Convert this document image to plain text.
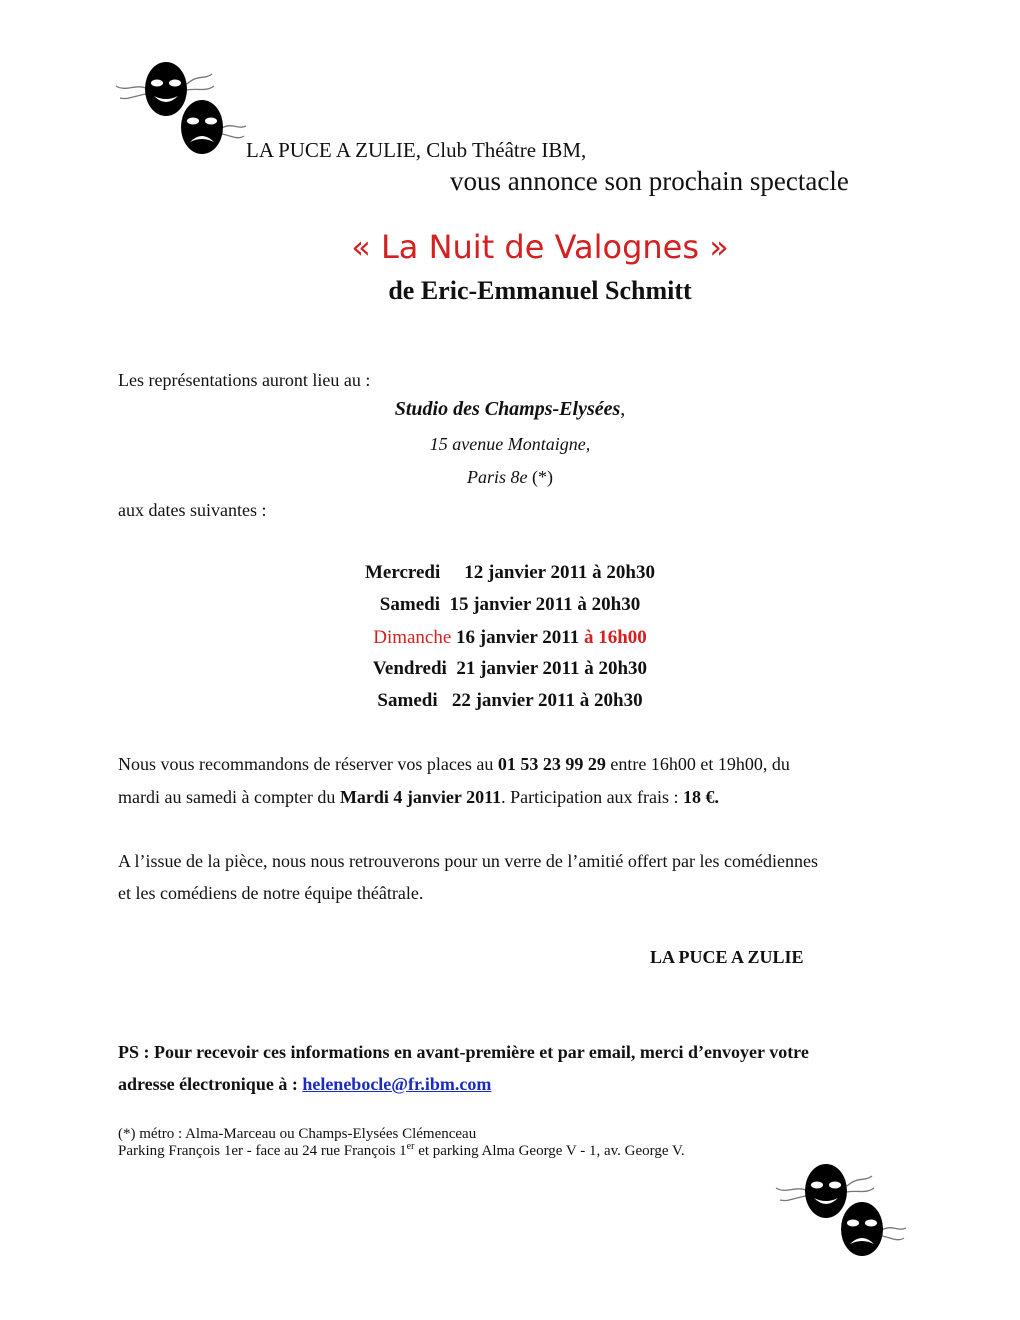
LA PUCE A ZULIE, Club Théâtre IBM,
vous annonce son prochain spectacle
« La Nuit de Valognes »
de Eric-Emmanuel Schmitt
Les représentations auront lieu au :
Studio des Champs-Elysées,
15 avenue Montaigne,
Paris 8e (*)
aux dates suivantes :
Mercredi 12 janvier 2011 à 20h30
Samedi 15 janvier 2011 à 20h30
Dimanche 16 janvier 2011 à 16h00
Vendredi 21 janvier 2011 à 20h30
Samedi 22 janvier 2011 à 20h30
Nous vous recommandons de réserver vos places au 01 53 23 99 29 entre 16h00 et 19h00, du
mardi au samedi à compter du Mardi 4 janvier 2011. Participation aux frais : 18 €.
A l’issue de la pièce, nous nous retrouverons pour un verre de l’amitié offert par les comédiennes
et les comédiens de notre équipe théâtrale.
LA PUCE A ZULIE
PS : Pour recevoir ces informations en avant-première et par email, merci d’envoyer votre
adresse électronique à : helenebocle@fr.ibm.com
(*) métro : Alma-Marceau ou Champs-Elysées Clémenceau
Parking François 1er - face au 24 rue François 1er et parking Alma George V - 1, av. George V.
